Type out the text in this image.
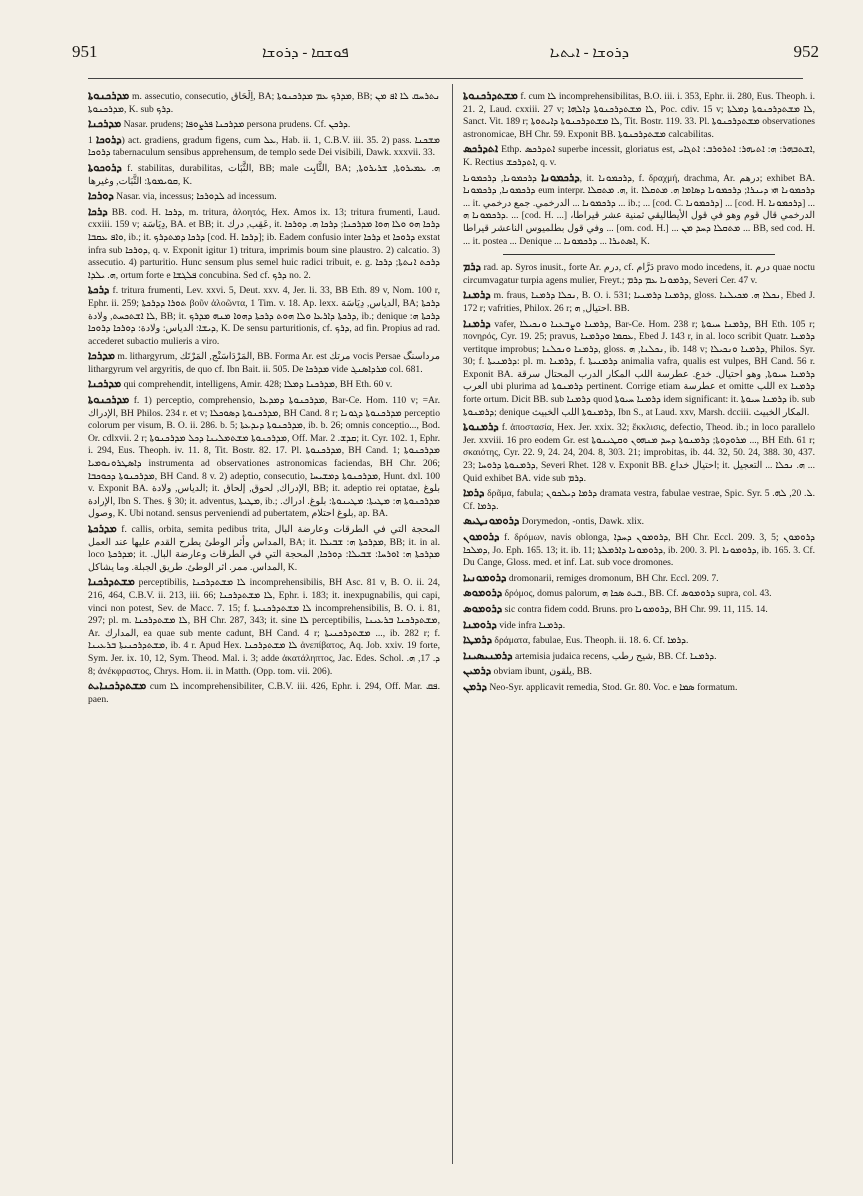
951	ܦܘܫܩܐ - ܕܪܘܫܐ	ܕܪܘܫܐ - ܐܝܬܝܐ	952

ܡܕܪܟܢܘܬܐ m. assecutio, consecutio, اِلْحَاق, BA; ܡܕܪܟ ܥܡ ܡܕܪܟܢܘܬܐ, BB; ܢܬܪܚܩ ܠܐ ܐܦ ܡܢ ܡܕܪܟܢܘܬܐ, K. sub ܕܪܟ.

ܡܕܪܟܢܐ Nasar. prudens; ܡܕܪܟܢܐ ܦܪܨܘܦܐ persona prudens. Cf. ܕܪܟܢ.

ܕܪܘܟܐ 1) act. gradiens, gradum figens, cum ܥܠ, Hab. ii. 1, C.B.V. iii. 35. 2) pass. ܡܫܟܢܐ ܕܪܘܟܐ tabernaculum sensibus apprehensum, de templo sede Dei visibili, Dawk. xxxvii. 33.

ܕܪܘܟܘܬܐ f. stabilitas, durabilitas, الثَّبَات, BB; male الثَّابِت, BA; ܗ. ܥܡܝܪܘܬܐ, ܫܪܝܪܘܬܐ, ܩܘܝܡܘܬܐ: الثَّبَات, وغيرها, K.

ܕܘܪܟܐ Nasar. via, incessus; ܠܕܘܪܟܐ ad incessum.

ܕܪܟܐ BB. cod. H. ܕܪܟܐ, m. tritura, ἀλοητός, Hex. Amos ix. 13; tritura frumenti, Laud. cxxiii. 159 v; دِيَاسَة, BA. et BB; it. عَقِب, درك, it. ܕܪܟܐ ܗܘ ܘܠܐ ܗܘܐ ܡܕܪܟܢܐ; ܕܪܟܐ ܗ. ܕܘܪܟܐ ܘܐܦ ܥܩܒܐ, ib.; it. ܕܪܟܐ ܕܡܬܕܪܟ [cod. H. ܕܪܟܐ]; ib. Eadem confusio inter ܕܪܟܐ et ܕܪܘܟܐ exstat infra sub ܕܘܪܟܐ, q. v. Exponit igitur 1) tritura, imprimis boum sine plaustro. 2) calcatio. 3) assecutio. 4) parturitio. Hunc sensum plus semel huic radici tribuit, e. g. ܕܪܟܬ ܐܢܬܬܐ; ܕܪܟܐ ܗ. ܝܠܕܐ, ortum forte e ܦܠܓܫܐ concubina. Sed cf. ܕܪܟ no. 2.

ܕܪܟܬܐ f. tritura frumenti, Lev. xxvi. 5, Deut. xxv. 4, Jer. li. 33, BB Eth. 89 v, Nom. 100 r, Ephr. ii. 259; ܬܘܪܐ ܕܕܪܟܬܐ βοῦν ἀλοῶντα, 1 Tim. v. 18. Ap. lexx. الدياس, دِيَاسَة, BA; ܕܪܟܬܐ ܠܐ ܐܫܬܟܚܬ, ولادة, BB; it. ܕܪܟܬܐ ܕܐܪܥܐ ܘܠܐ ܗܘܬ ܕܪܟܬܐ ܕܗܘܐ ܡܢܗ ܡܕܪܟ, ib.; denique ܕܪܟܬܐ ܗ: ܕܝܫܐ: الدياس: ولادة: ܕܘܪܟܐ ܕܪܘܟܐ, K. De sensu parturitionis, cf. ܕܪܟ, ad fin. Propius ad rad. accederet subactio mulieris a viro.

ܡܕܪܟܐ m. lithargyrum, المَرْدَاسَنْج, المَرْتَك, BB. Forma Ar. est مرتك vocis Persae مرداسنگ lithargyrum vel argyritis, de quo cf. Ibn Bait. ii. 505. De ܡܕܪܟܐ vide ܡܪܕܐܣܢܓ col. 681.

ܡܕܪܟܢܐ qui comprehendit, intelligens, Amir. 428; ܡܕܪܟܢܐ ܕܡܠܐ, BH Eth. 60 v.

ܡܕܪܟܢܘܬܐ f. 1) perceptio, comprehensio, ܡܕܪܟܢܘܬܐ ܕܡܕܥܐ, Bar-Ce. Hom. 110 v; =Ar. الإدراك, BH Philos. 234 r. et v; ܡܕܪܟܢܘܬܐ ܕܣܘܟܠܐ, BH Cand. 8 r; ܡܕܪܟܢܘܬܐ ܕܓܘܢܐ perceptio colorum per visum, B. O. ii. 286. b. 5; ܡܕܪܟܢܘܬܐ ܕܝܕܥܬܐ, ib. b. 26; omnis conceptio..., Bod. Or. cdlxvii. 2 r; ܡܕܪܟܢܘܬܐ ܡܫܬܡܠܝܢܐ ܕܟܠ ܡܕܪܟܢܘܬܐ, Off. Mar. ܩܕܫ. 2; it. Cyr. 102. 1, Ephr. i. 294, Eus. Theoph. iv. 11. 8, Tit. Bostr. 82. 17. Pl. ܡܕܪܟܢܘܬܐ, BH Cand. 1; ܡܕܪܟܢܘܬܐ ܕܐܣܛܪܘܢܘܡܝܐ instrumenta ad observationes astronomicas faciendas, BH Chr. 206; ܡܕܪܟܢܘܬܐ ܕܟܘܟܒܐ, BH Cand. 8 v. 2) adeptio, consecutio, ܡܕܪܟܢܘܬܐ ܕܡܫܝܚܐ, Hunt. dxl. 100 v. Exponit BA. الدياس, ولادة; it. الإدراك, لحوق, إلحاق, BB; it. adeptio rei optatae, بلوغ الإرادة, Ibn S. Thes. § 30; it. adventus, ܡܛܝܬܐ, ib.; ܡܕܪܟܢܘܬܐ ܗ: ܡܛܝܬܐ: ܡܛܝܢܘܬܐ: بلوغ. ادراك. وصول, K. Ubi notand. sensus perveniendi ad pubertatem, بلوغ احتلام, ap. BA.

ܡܕܪܟܬܐ f. callis, orbita, semita pedibus trita, المحجة التي في الطرقات وعارضة البال المداس وأثر الوطئ يطرح القدم عليها عند العمل, BA; it. ܡܕܪܟܬܐ ܗ: ܫܒܝܠܐ, BB; it. in al. loco ܡܕܪܟܬܐ; it. ܡܕܪܟܬܐ ܗ: ܐܘܪܚܐ: ܫܒܝܠܐ: ܕܘܪܟܐ, المحجة التي في الطرقات وعارضة البال. المداس. ممر. اثر الوطئ. طريق الجبلة. وما يشاكل, K.

ܡܫܬܕܪܟܢܐ perceptibilis, ܠܐ ܡܫܬܕܪܟܢܐ incomprehensibilis, BH Asc. 81 v, B. O. ii. 24, 216, 464, C.B.V. ii. 213, iii. 66; ܠܐ ܡܫܬܕܪܟܢܐ, Ephr. i. 183; it. inexpugnabilis, qui capi, vinci non potest, Sev. de Macc. 7. 15; f. ܠܐ ܡܫܬܕܪܟܢܝܬܐ incomprehensibilis, B. O. i. 81, 297; pl. m. ܠܐ ܡܫܬܕܪܟܢܐ, BH Chr. 287, 343; it. sine ܠܐ perceptibilis, ܡܫܬܕܪܟܢܐ ܒܪܥܝܢܐ, Ar. المدارك, ea quae sub mente cadunt, BH Cand. 4 r; ܡܫܬܕܪܟܢܝܬܐ ..., ib. 282 r; f. ܡܫܬܕܪܟܢܝܬܐ ܒܪܥܝܢܐ, ib. 4 r. Apud Hex. ܠܐ ܡܫܬܕܪܟܢܐ ἀνεπίβατος, Aq. Job. xxiv. 19 forte, Sym. Jer. ix. 10, 12, Sym. Theod. Mal. i. 3; adde ἀκατάληπτος, Jac. Edes. Schol. ܕ. 17, ܗ. 8; ἀνέκφραστος, Chrys. Hom. ii. in Matth. (Opp. tom. vii. 206).

ܡܫܬܕܪܟܢܐܝܬ cum ܠܐ incomprehensibiliter, C.B.V. iii. 426, Ephr. i. 294, Off. Mar. ܦܩ. paen.

ܡܫܬܕܪܟܢܘܬܐ f. cum ܠܐ incomprehensibilitas, B.O. iii. i. 353, Ephr. ii. 280, Eus. Theoph. i. 21. 2, Laud. cxxiii. 27 v; ܠܐ ܡܫܬܕܪܟܢܘܬܐ ܕܐܠܗܐ, Poc. cdiv. 15 v; ܠܐ ܡܫܬܕܪܟܢܘܬܐ ܕܡܠܬܐ, Sanct. Vit. 189 r; ܠܐ ܡܫܬܕܪܟܢܘܬܐ ܕܐܝܬܘܬܐ, Tit. Bostr. 119. 33. Pl. ܡܫܬܕܪܟܢܘܬܐ observationes astronomicae, BH Chr. 59. Exponit BB. ܡܫܬܕܪܟܢܘܬܐ calcabilitas.

ܐܬܕܪܟܣ Ethp. ܐܬܕܪܟܣ superbe incessit, gloriatus est, ܐܫܬܒܗܪ: ܗ: ܐܬܝܗܪ: ܐܬܪܘܪܒ: ܐܬܓܐܝ, K. Rectius ܐܬܕܪܟܫ, q. v.

ܕܪܟܡܘܢܐ ܕܪܟܡܘܢܐ, ܕܪܟܡܘܢܐ, it. ܕܪܟܡܘܢܐ, f. δραχμή, drachma, Ar. درهم; exhibet BA. ܕܪܟܡܘܢܐ, ܕܪܟܡܘܢܐ eum interpr. ܗ. ܡܬܩܠܐ, it. ܕܪܟܡܘܢܐ ܗܝ ܕܝܢܪܐ; ܕܪܟܡܘܢܐ ܕܣܐܡܐ ܗ. ܡܬܩܠܐ ... it. ܕܪܟܡܘܢܐ ... الدرخمي. جمع درخمي ... ib.; ... [cod. C. ܕܪܟܡܘܢܐ] ... [cod. H. ܕܪܟܡܘܢܐ] ... ܕܪܟܡܘܢܐ ܗ. ... [cod. H. ...] الدرخمي قال قوم وهو في قول الأيطاليقي ثمنية عشر قيراطا، وفي قول بطلميوس الناعشر قيراطا ... [om. cod. H.] ... ܡܬܩܠܐ ܕܚܕ ܡܢ ... BB, sed cod. H. ... it. postea ... Denique ... ܐܣܬܝܪܐ ... ܕܪܟܡܘܢܐ, K.

ܕܪܡ rad. ap. Syros inusit., forte Ar. درم, cf. دَرَّام pravo modo incedens, it. درم quae noctu circumvagatur turpia agens mulier, Freyt.; ܕܪܡܘܢܐ ܥܡ ܕܪܡ, Severi Cer. 47 v.

ܕܪܡܢܐ m. fraus, ܢܟܠܐ ܕܪܡܢܐ, B. O. i. 531; ܕܪܡܢܐ ܕܪܡܢܝܐ, gloss. ܢܟܠܐ ܗ. ܡܟܝܠܢܐ, Ebed J. 172 r; vafrities, Philox. 26 r; احتيال, ܗ. BB.

ܕܪܡܢܐ vafer, ܕܪܡܢܐ ܘܨܒܥܢܐ ܘܢܟܝܠܐ, Bar-Ce. Hom. 238 r; ܕܪܡܢܐ ܚܝܘܬܐ, BH Eth. 105 r; πονηρός, Cyr. 19. 25; pravus, ܥܩܡܐ ܘܕܪܡܢܐ, Ebed J. 143 r, in al. loco scribit Quatr. ܕܪܡܢܐ vertitque improbus; ܕܪܡܢܐ ܘܢܟܠܢܐ, gloss. ܢܟܠܢܐ, ܗ, ib. 148 v; ܕܪܡܢܐ ܘܢܟܝܠܐ, Philos. Syr. 30; f. ܕܪܡܢܝܬܐ: pl. m. ܕܪܡܢܐ, f. ܕܪܡܢܝܬܐ animalia vafra, qualis est vulpes, BH Cand. 56 r. Exponit BA. ܕܪܡܢܐ ܚܝܘܬܐ, وهو احتيال. خدع. عطرسة اللب المكار الدرب المحتال سرقة العرب ubi plurima ad ܕܪܡܢܘܬܐ pertinent. Corrige etiam عطرسة et omitte اللب ex ܕܪܡܢܐ forte ortum. Dicit BB. sub ܕܪܡܢܐ quod ܕܪܡܢܐ ܚܝܘܬܐ idem significant: it. ܕܪܡܢܐ ܚܝܘܬܐ ib. sub ܕܪܡܢܘܬܐ; denique ܕܪܡܢܘܬܐ اللب الخبيث, Ibn S., at Laud. xxv, Marsh. dcciii. المكار الخبيث.

ܕܪܡܢܘܬܐ f. ἀποστασία, Hex. Jer. xxix. 32; ἔκκλισις, defectio, Theod. ib.; in loco parallelo Jer. xxviii. 16 pro eodem Gr. est ܡܪܘܕܘܬܐ; ܕܪܡܢܘܬܐ ܕܚܕ ܡܢܗܘܢ ܘܩܛܝܢܘܬܐ ..., BH Eth. 61 r; σκαιότης, Cyr. 22. 9, 24. 24, 204. 8, 303. 21; improbitas, ib. 44. 32, 50. 24, 388. 30, 437. 23; ܕܪܡܢܘܬܐ ܕܪܘܚܐ, Severi Rhet. 128 v. Exponit BB. احتيال خداع; it. ܗ. ܢܟܠܐ ... التعجيل ... Quid exhibet BA. vide sub ܕܪܡ.

ܕܪܡܐ δρᾶμα, fabula; ܕܪܡܐ ܕܝܠܟܘܢ dramata vestra, fabulae vestrae, Spic. Syr. ܠ. 20, ܠܗ. 5. Cf. ܕܪܡܐ.

ܕܪܘܡܘܢܛܝܣ Dorymedon, -ontis, Dawk. xlix.

ܕܪܘܡܘܢ f. δρόμων, navis oblonga, ܕܪܘܡܘܢ ܕܚܕܐ, BH Chr. Eccl. 209. 3, 5; ܕܪܘܡܘܢ ܕܡܠܟܐ, Jo. Eph. 165. 13; it. ib. 11; ܕܪܘܡܘܢܐ ܕܐܪܡܠܬܐ, ib. 200. 3. Pl. ܕܪܘܡܘܢܐ, ib. 165. 3. Cf. Du Cange, Gloss. med. et inf. Lat. sub voce dromones.

ܕܪܘܡܘܢܝܐ dromonarii, remiges dromonum, BH Chr. Eccl. 209. 7.

ܕܪܘܡܘܣ δρόμος, domus palorum, ܒܝܬ ܣܟܐ ܗ., BB. Cf. ܕܪܘܡܘܣ supra, col. 43.

ܕܪܘܡܘܣ sic contra fidem codd. Bruns. pro ܕܪܘܡܘܢܐ, BH Chr. 99. 11, 115. 14.

ܕܪܘܡܢܐ vide infra ܕܪܡܢܐ.

ܕܪܡܛܐ δράματα, fabulae, Eus. Theoph. ii. 18. 6. Cf. ܕܪܡܐ.

ܕܪܡܢܝܣܝܢܐ artemisia judaica recens, شيح رطب, BB. Cf. ܕܪܡܢܐ.

ܕܪܡܝܢ obviam ibunt, يلقون, BB.

ܕܪܡܢ Neo-Syr. applicavit remedia, Stod. Gr. 80. Voc. e ܣܡܐ formatum.
